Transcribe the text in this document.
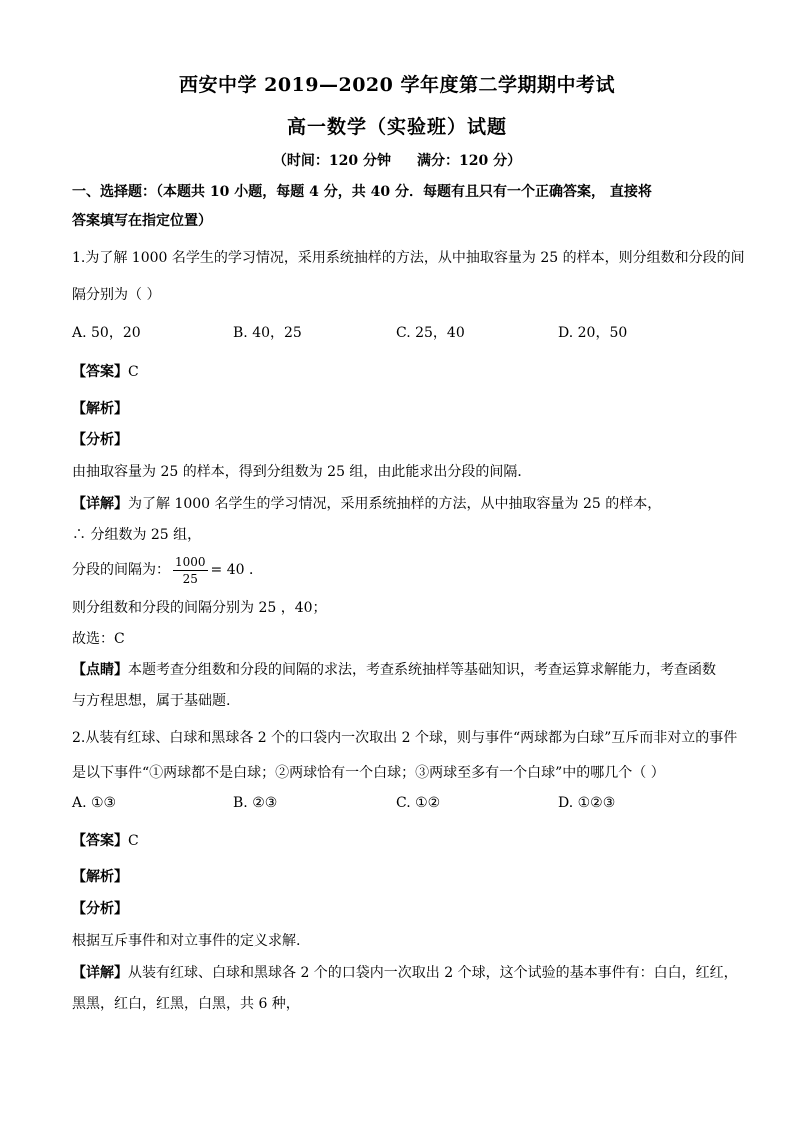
西安中学 2019—2020 学年度第二学期期中考试
高一数学（实验班）试题
（时间：120 分钟 满分：120 分）
一、选择题：（本题共 10 小题，每题 4 分，共 40 分．每题有且只有一个正确答案， 直接将
答案填写在指定位置）
1.为了解 1000 名学生的学习情况，采用系统抽样的方法，从中抽取容量为 25 的样本，则分组数和分段的间
隔分别为（ ）
A. 50，20	B. 40，25	C. 25，40	D. 20，50
【答案】C
【解析】
【分析】
由抽取容量为 25 的样本，得到分组数为 25 组，由此能求出分段的间隔．
【详解】为了解 1000 名学生的学习情况，采用系统抽样的方法，从中抽取容量为 25 的样本，
∴ 分组数为 25 组，
分段的间隔为： $\frac{1000}{25} = 40$ ．
则分组数和分段的间隔分别为 25 ，40；
故选：C
【点睛】本题考查分组数和分段的间隔的求法，考查系统抽样等基础知识，考查运算求解能力，考查函数
与方程思想，属于基础题.
2.从装有红球、白球和黑球各 2 个的口袋内一次取出 2 个球，则与事件“两球都为白球”互斥而非对立的事件
是以下事件“①两球都不是白球；②两球恰有一个白球；③两球至多有一个白球”中的哪几个（ ）
A. ①③	B. ②③	C. ①②	D. ①②③
【答案】C
【解析】
【分析】
根据互斥事件和对立事件的定义求解.
【详解】从装有红球、白球和黑球各 2 个的口袋内一次取出 2 个球，这个试验的基本事件有：白白，红红，
黑黑，红白，红黑，白黑，共 6 种，
